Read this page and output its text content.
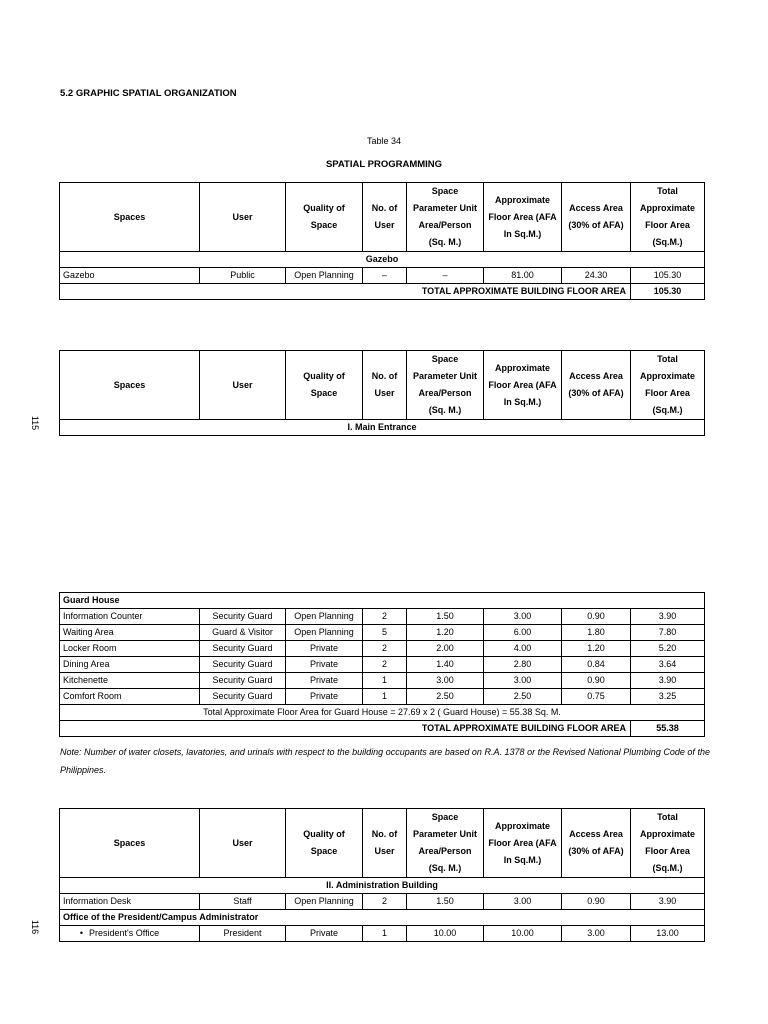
5.2 GRAPHIC SPATIAL ORGANIZATION
Table 34
SPATIAL PROGRAMMING
115
116
Spaces	User	Quality of Space	No. of User	Space Parameter Unit Area/Person (Sq. M.)	Approximate Floor Area (AFA In Sq.M.)	Access Area (30% of AFA)	Total Approximate Floor Area (Sq.M.)
Gazebo							
Gazebo	Public	Open Planning	–	–	81.00	24.30	105.30
TOTAL APPROXIMATE BUILDING FLOOR AREA							105.30
Spaces	User	Quality of Space	No. of User	Space Parameter Unit Area/Person (Sq. M.)	Approximate Floor Area (AFA In Sq.M.)	Access Area (30% of AFA)	Total Approximate Floor Area (Sq.M.)
I. Main Entrance
Guard House							
Information Counter	Security Guard	Open Planning	2	1.50	3.00	0.90	3.90
Waiting Area	Guard & Visitor	Open Planning	5	1.20	6.00	1.80	7.80
Locker Room	Security Guard	Private	2	2.00	4.00	1.20	5.20
Dining Area	Security Guard	Private	2	1.40	2.80	0.84	3.64
Kitchenette	Security Guard	Private	1	3.00	3.00	0.90	3.90
Comfort Room	Security Guard	Private	1	2.50	2.50	0.75	3.25
Total Approximate Floor Area for Guard House = 27.69 x 2 ( Guard House) = 55.38 Sq. M.							
TOTAL APPROXIMATE BUILDING FLOOR AREA							55.38
Note: Number of water closets, lavatories, and urinals with respect to the building occupants are based on R.A. 1378 or the Revised National Plumbing Code of the Philippines.
Spaces	User	Quality of Space	No. of User	Space Parameter Unit Area/Person (Sq. M.)	Approximate Floor Area (AFA In Sq.M.)	Access Area (30% of AFA)	Total Approximate Floor Area (Sq.M.)
II. Administration Building							
Information Desk	Staff	Open Planning	2	1.50	3.00	0.90	3.90
Office of the President/Campus Administrator							
• President's Office	President	Private	1	10.00	10.00	3.00	13.00
